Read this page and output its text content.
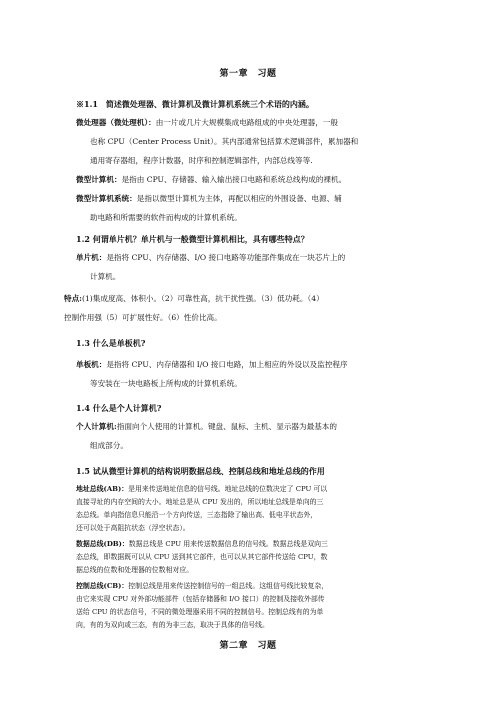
第一章　习题
※1.1　简述微处理器、微计算机及微计算机系统三个术语的内涵。
微处理器（微处理机）：由一片或几片大规模集成电路组成的中央处理器，一般
也称 CPU（Center Process Unit）。其内部通常包括算术逻辑部件，累加器和
通用寄存器组，程序计数器，时序和控制逻辑部件，内部总线等等.
微型计算机：是指由 CPU、存储器、输入输出接口电路和系统总线构成的裸机。
微型计算机系统：是指以微型计算机为主体，再配以相应的外围设备、电源、辅
助电路和所需要的软件而构成的计算机系统。
1.2 何谓单片机？单片机与一般微型计算机相比，具有哪些特点？
单片机：是指将 CPU、内存储器、I/O 接口电路等功能部件集成在一块芯片上的
计算机。
特点:(1)集成度高、体积小。（2）可靠性高，抗干扰性强。（3）低功耗。（4）
控制作用强（5）可扩展性好。（6）性价比高。
1.3 什么是单板机?
单板机：是指将 CPU、内存储器和 I/O 接口电路，加上相应的外设以及监控程序
等安装在一块电路板上所构成的计算机系统。
1.4 什么是个人计算机?
个人计算机:指面向个人使用的计算机。键盘、鼠标、主机、显示器为最基本的
组成部分。
1.5 试从微型计算机的结构说明数据总线、控制总线和地址总线的作用
地址总线(AB)：是用来传送地址信息的信号线。地址总线的位数决定了 CPU 可以
直接寻址的内存空间的大小。地址总是从 CPU 发出的，所以地址总线是单向的三
态总线。单向指信息只能沿一个方向传送，三态指除了输出高、低电平状态外，
还可以处于高阻抗状态（浮空状态）。
数据总线(DB)：数据总线是 CPU 用来传送数据信息的信号线。数据总线是双向三
态总线，即数据既可以从 CPU 送到其它部件，也可以从其它部件传送给 CPU，数
据总线的位数和处理器的位数相对应。
控制总线(CB)：控制总线是用来传送控制信号的一组总线。这组信号线比较复杂，
由它来实现 CPU 对外部功能部件（包括存储器和 I/O 接口）的控制及接收外部传
送给 CPU 的状态信号，不同的微处理器采用不同的控制信号。控制总线有的为单
向，有的为双向或三态，有的为非三态，取决于具体的信号线。
第二章　习题
